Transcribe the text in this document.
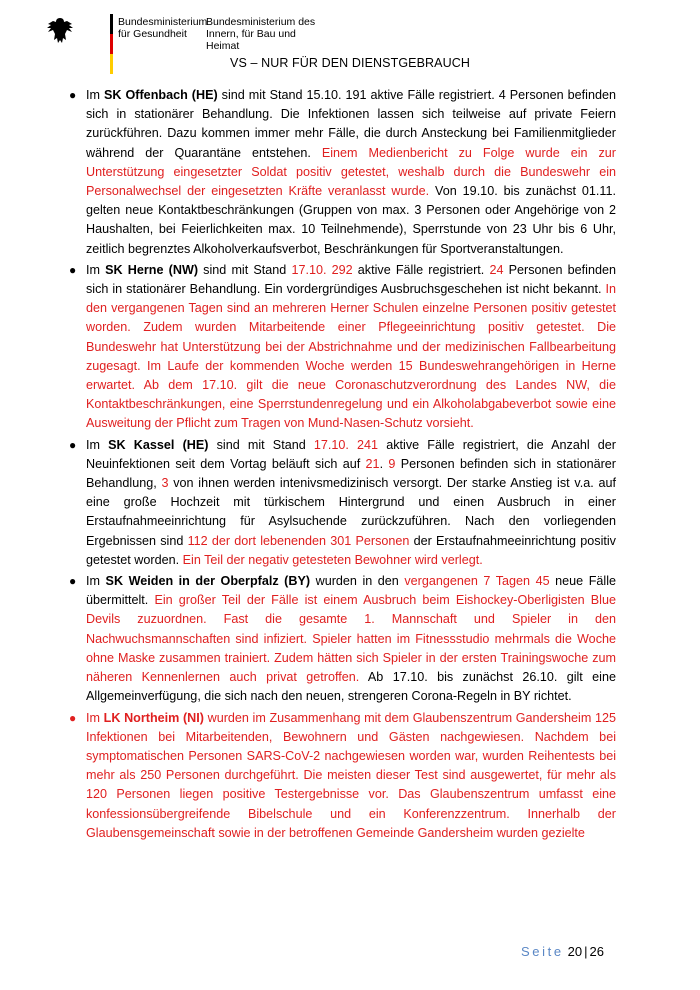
Bundesministerium für Gesundheit
Bundesministerium des Innern, für Bau und Heimat
VS – NUR FÜR DEN DIENSTGEBRAUCH
● Im SK Offenbach (HE) sind mit Stand 15.10. 191 aktive Fälle registriert. 4 Personen befinden sich in stationärer Behandlung. Die Infektionen lassen sich teilweise auf private Feiern zurückführen. Dazu kommen immer mehr Fälle, die durch Ansteckung bei Familienmitglieder während der Quarantäne entstehen. Einem Medienbericht zu Folge wurde ein zur Unterstützung eingesetzter Soldat positiv getestet, weshalb durch die Bundeswehr ein Personalwechsel der eingesetzten Kräfte veranlasst wurde. Von 19.10. bis zunächst 01.11. gelten neue Kontaktbeschränkungen (Gruppen von max. 3 Personen oder Angehörige von 2 Haushalten, bei Feierlichkeiten max. 10 Teilnehmende), Sperrstunde von 23 Uhr bis 6 Uhr, zeitlich begrenztes Alkoholverkaufsverbot, Beschränkungen für Sportveranstaltungen.
● Im SK Herne (NW) sind mit Stand 17.10. 292 aktive Fälle registriert. 24 Personen befinden sich in stationärer Behandlung. Ein vordergründiges Ausbruchsgeschehen ist nicht bekannt. In den vergangenen Tagen sind an mehreren Herner Schulen einzelne Personen positiv getestet worden. Zudem wurden Mitarbeitende einer Pflegeeinrichtung positiv getestet. Die Bundeswehr hat Unterstützung bei der Abstrichnahme und der medizinischen Fallbearbeitung zugesagt. Im Laufe der kommenden Woche werden 15 Bundeswehrangehörigen in Herne erwartet. Ab dem 17.10. gilt die neue Coronaschutzverordnung des Landes NW, die Kontaktbeschränkungen, eine Sperrstundenregelung und ein Alkoholabgabeverbot sowie eine Ausweitung der Pflicht zum Tragen von Mund-Nasen-Schutz vorsieht.
● Im SK Kassel (HE) sind mit Stand 17.10. 241 aktive Fälle registriert, die Anzahl der Neuinfektionen seit dem Vortag beläuft sich auf 21. 9 Personen befinden sich in stationärer Behandlung, 3 von ihnen werden intenivsmedizinisch versorgt. Der starke Anstieg ist v.a. auf eine große Hochzeit mit türkischem Hintergrund und einen Ausbruch in einer Erstaufnahmeeinrichtung für Asylsuchende zurückzuführen. Nach den vorliegenden Ergebnissen sind 112 der dort lebenenden 301 Personen der Erstaufnahmeeinrichtung positiv getestet worden. Ein Teil der negativ getesteten Bewohner wird verlegt.
● Im SK Weiden in der Oberpfalz (BY) wurden in den vergangenen 7 Tagen 45 neue Fälle übermittelt. Ein großer Teil der Fälle ist einem Ausbruch beim Eishockey-Oberligisten Blue Devils zuzuordnen. Fast die gesamte 1. Mannschaft und Spieler in den Nachwuchsmannschaften sind infiziert. Spieler hatten im Fitnessstudio mehrmals die Woche ohne Maske zusammen trainiert. Zudem hätten sich Spieler in der ersten Trainingswoche zum näheren Kennenlernen auch privat getroffen. Ab 17.10. bis zunächst 26.10. gilt eine Allgemeinverfügung, die sich nach den neuen, strengeren Corona-Regeln in BY richtet.
● Im LK Northeim (NI) wurden im Zusammenhang mit dem Glaubenszentrum Gandersheim 125 Infektionen bei Mitarbeitenden, Bewohnern und Gästen nachgewiesen. Nachdem bei symptomatischen Personen SARS-CoV-2 nachgewiesen worden war, wurden Reihentests bei mehr als 250 Personen durchgeführt. Die meisten dieser Test sind ausgewertet, für mehr als 120 Personen liegen positive Testergebnisse vor. Das Glaubenszentrum umfasst eine konfessionsübergreifende Bibelschule und ein Konferenzzentrum. Innerhalb der Glaubensgemeinschaft sowie in der betroffenen Gemeinde Gandersheim wurden gezielte
Seite 20 | 26
